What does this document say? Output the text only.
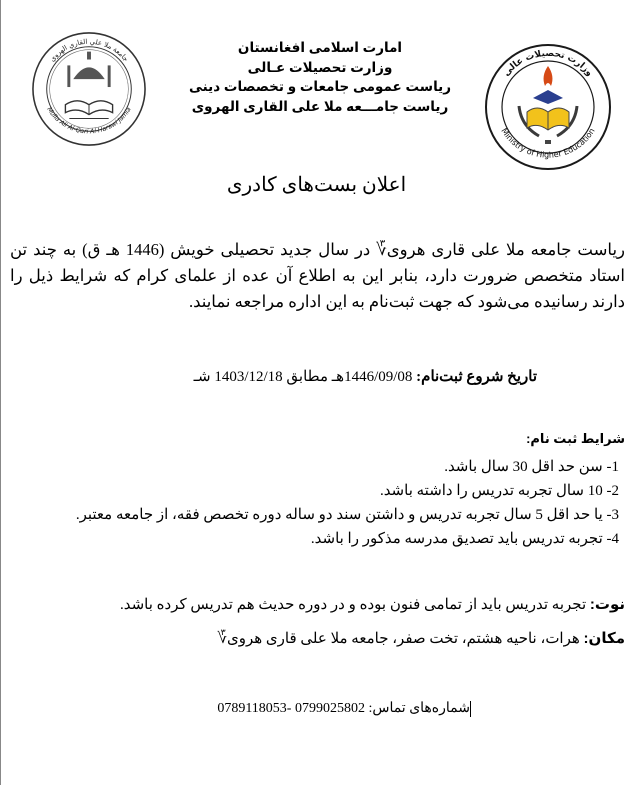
جامعة ملا علي القاري الهروي
Mulla Ali Al-Qari Al-Harawi Jamia
وزارت تحصیلات عالی
Ministry of Higher Education
امارت اسلامی افغانستان
وزارت تحصیلات عـالی
ریاست عمومی جامعات و تخصصات دینی
ریاست جامـــعه ملا علی القاری الهروی
اعلان بست‌های کادری
ریاست جامعه ملا علی قاری هروی؆ در سال جدید تحصیلی خویش (1446 هـ ق) به چند تن استاد متخصص ضرورت دارد، بنابر این به اطلاع آن عده از علمای کرام که شرایط ذیل را دارند رسانیده می‌شود که جهت ثبت‌نام به این اداره مراجعه نمایند.
تاریخ شروع ثبت‌نام: 1446/09/08هـ مطابق 1403/12/18 شـ
شرایط ثبت نام:
1- سن حد اقل 30 سال باشد.
2- 10 سال تجربه تدریس را داشته باشد.
3- یا حد اقل 5 سال تجربه تدریس و داشتن سند دو ساله دوره تخصص فقه، از جامعه معتبر.
4- تجربه تدریس باید تصدیق مدرسه مذکور را باشد.
نوت: تجربه تدریس باید از تمامی فنون بوده و در دوره حدیث هم تدریس کرده باشد.
مکان: هرات، ناحیه هشتم، تخت صفر، جامعه ملا علی قاری هروی؆
شماره‌های تماس: 0799025802 -0789118053
